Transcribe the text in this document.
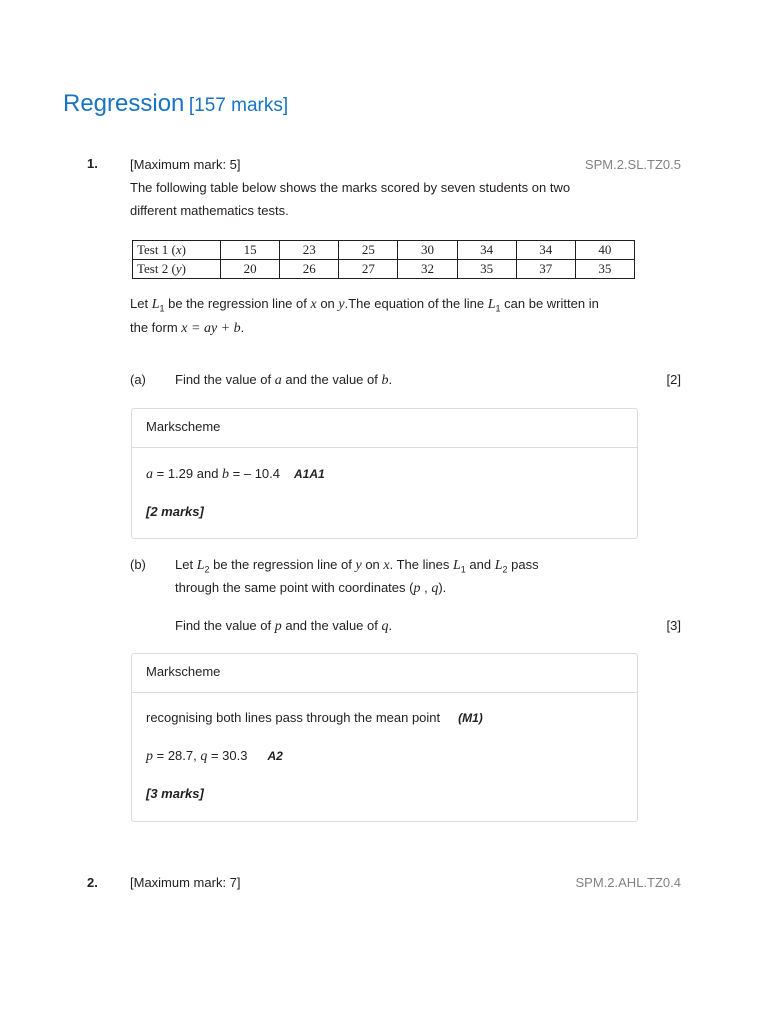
Regression [157 marks]
1. [Maximum mark: 5]	SPM.2.SL.TZ0.5
The following table below shows the marks scored by seven students on two
different mathematics tests.
Test 1 (x)	15	23	25	30	34	34	40
Test 2 (y)	20	26	27	32	35	37	35
Let $L_1$ be the regression line of x on y.The equation of the line $L_1$ can be written in
the form x = ay + b.
(a) Find the value of a and the value of b.	[2]
Markscheme
a = 1.29 and b = – 10.4 A1A1
[2 marks]
(b) Let $L_2$ be the regression line of y on x. The lines $L_1$ and $L_2$ pass
through the same point with coordinates (p , q).
Find the value of p and the value of q.	[3]
Markscheme
recognising both lines pass through the mean point (M1)
p = 28.7, q = 30.3 A2
[3 marks]
2. [Maximum mark: 7]	SPM.2.AHL.TZ0.4
